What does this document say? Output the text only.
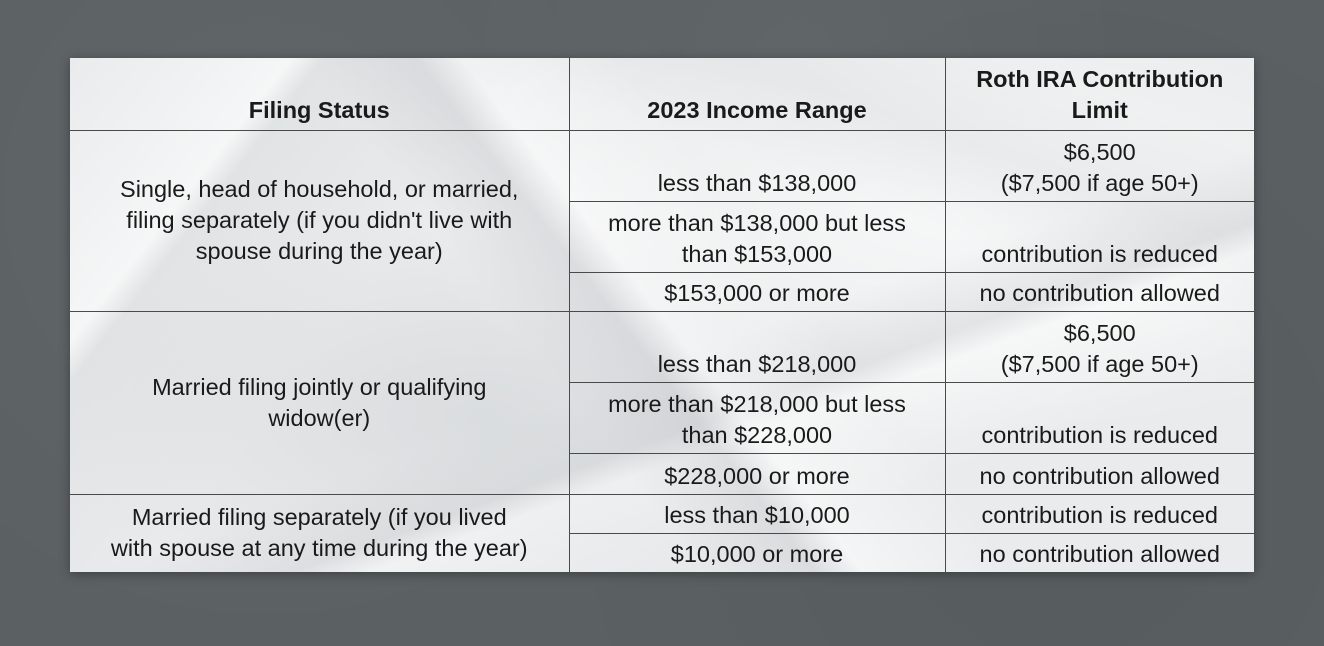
Filing Status	2023 Income Range	Roth IRA Contribution
Limit

Single, head of household, or married,
filing separately (if you didn't live with
spouse during the year)	less than $138,000	$6,500
($7,500 if age 50+)

	more than $138,000 but less
than $153,000	contribution is reduced

	$153,000 or more	no contribution allowed

Married filing jointly or qualifying
widow(er)	less than $218,000	$6,500
($7,500 if age 50+)

	more than $218,000 but less
than $228,000	contribution is reduced

	$228,000 or more	no contribution allowed

Married filing separately (if you lived
with spouse at any time during the year)	less than $10,000	contribution is reduced

	$10,000 or more	no contribution allowed
